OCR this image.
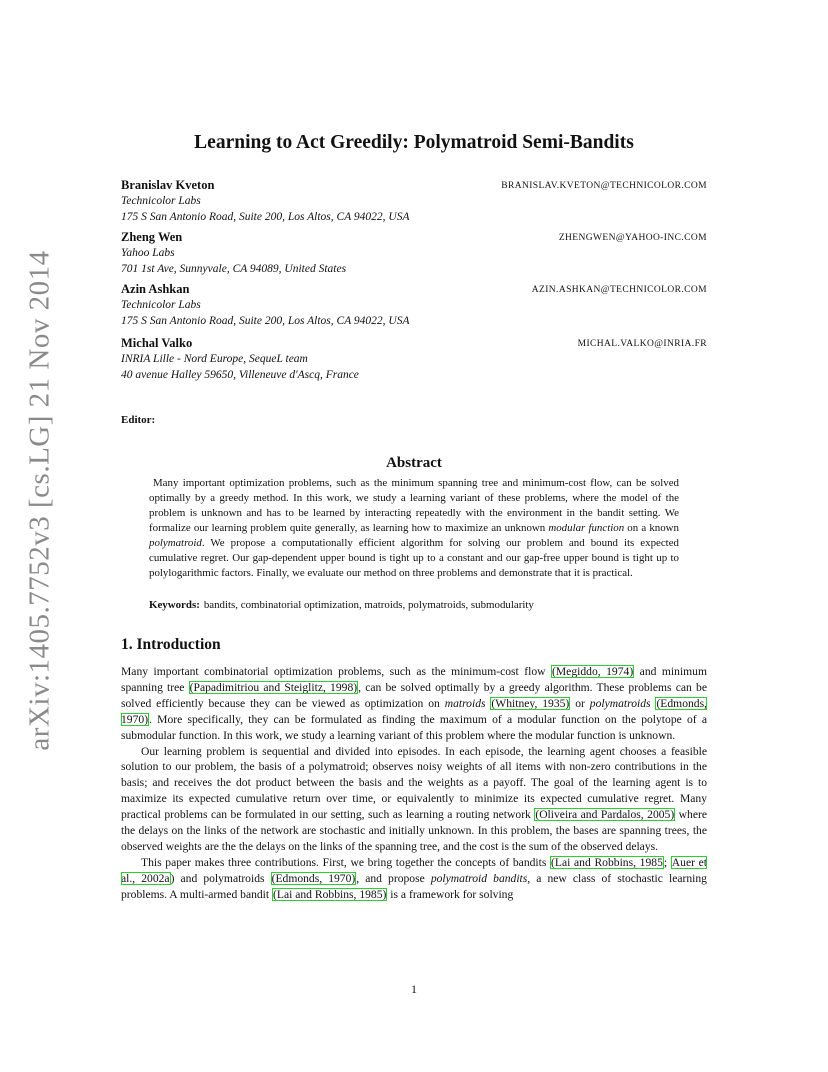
arXiv:1405.7752v3 [cs.LG] 21 Nov 2014
Learning to Act Greedily: Polymatroid Semi-Bandits
Branislav Kveton	BRANISLAV.KVETON@TECHNICOLOR.COM
Technicolor Labs
175 S San Antonio Road, Suite 200, Los Altos, CA 94022, USA
Zheng Wen	ZHENGWEN@YAHOO-INC.COM
Yahoo Labs
701 1st Ave, Sunnyvale, CA 94089, United States
Azin Ashkan	AZIN.ASHKAN@TECHNICOLOR.COM
Technicolor Labs
175 S San Antonio Road, Suite 200, Los Altos, CA 94022, USA
Michal Valko	MICHAL.VALKO@INRIA.FR
INRIA Lille - Nord Europe, SequeL team
40 avenue Halley 59650, Villeneuve d'Ascq, France
Editor:
Abstract
Many important optimization problems, such as the minimum spanning tree and minimum-cost flow, can be solved optimally by a greedy method. In this work, we study a learning variant of these problems, where the model of the problem is unknown and has to be learned by interacting repeatedly with the environment in the bandit setting. We formalize our learning problem quite generally, as learning how to maximize an unknown modular function on a known polymatroid. We propose a computationally efficient algorithm for solving our problem and bound its expected cumulative regret. Our gap-dependent upper bound is tight up to a constant and our gap-free upper bound is tight up to polylogarithmic factors. Finally, we evaluate our method on three problems and demonstrate that it is practical.
Keywords: bandits, combinatorial optimization, matroids, polymatroids, submodularity
1. Introduction

Many important combinatorial optimization problems, such as the minimum-cost flow (Megiddo, 1974) and minimum spanning tree (Papadimitriou and Steiglitz, 1998), can be solved optimally by a greedy algorithm. These problems can be solved efficiently because they can be viewed as optimization on matroids (Whitney, 1935) or polymatroids (Edmonds, 1970). More specifically, they can be formulated as finding the maximum of a modular function on the polytope of a submodular function. In this work, we study a learning variant of this problem where the modular function is unknown.

Our learning problem is sequential and divided into episodes. In each episode, the learning agent chooses a feasible solution to our problem, the basis of a polymatroid; observes noisy weights of all items with non-zero contributions in the basis; and receives the dot product between the basis and the weights as a payoff. The goal of the learning agent is to maximize its expected cumulative return over time, or equivalently to minimize its expected cumulative regret. Many practical problems can be formulated in our setting, such as learning a routing network (Oliveira and Pardalos, 2005) where the delays on the links of the network are stochastic and initially unknown. In this problem, the bases are spanning trees, the observed weights are the the delays on the links of the spanning tree, and the cost is the sum of the observed delays.

This paper makes three contributions. First, we bring together the concepts of bandits (Lai and Robbins, 1985; Auer et al., 2002a) and polymatroids (Edmonds, 1970), and propose polymatroid bandits, a new class of stochastic learning problems. A multi-armed bandit (Lai and Robbins, 1985) is a framework for solving

1
